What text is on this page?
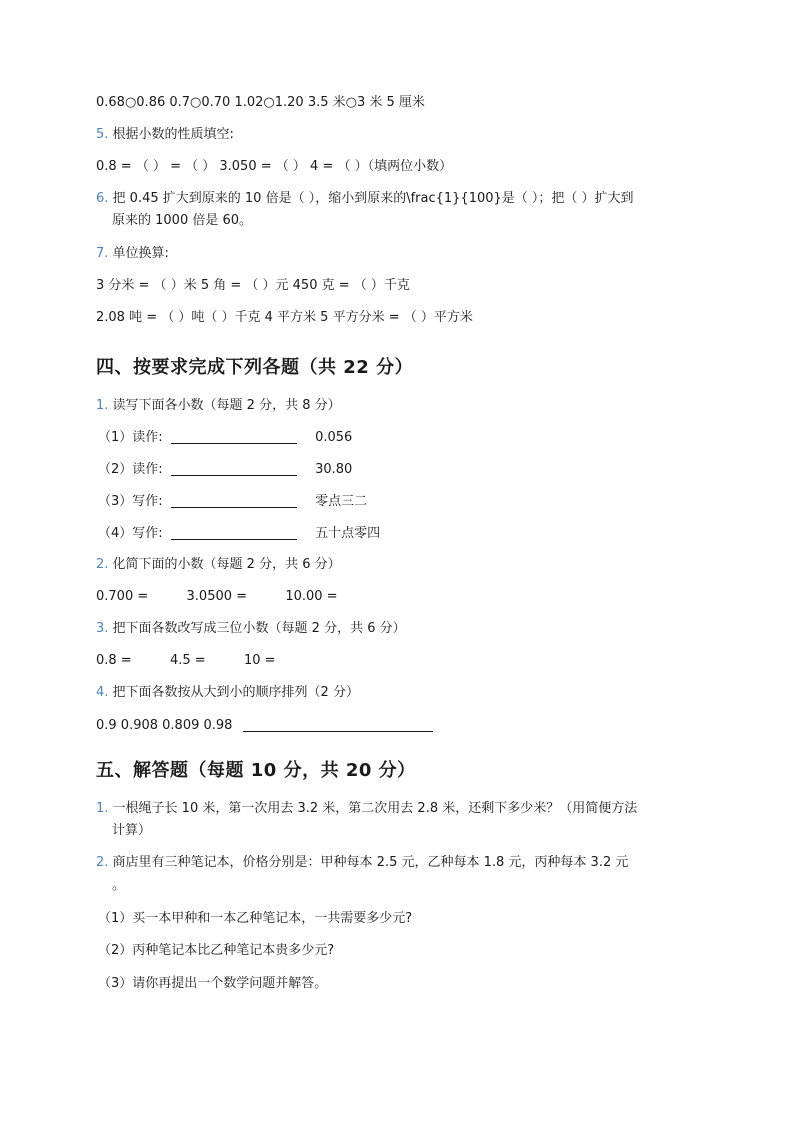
0.68○0.86 0.7○0.70 1.02○1.20 3.5 米○3 米 5 厘米
5. 根据小数的性质填空:
0.8 = （ ） = （ ） 3.050 = （ ） 4 = （ ）（填两位小数）
6. 把 0.45 扩大到原来的 10 倍是（ ），缩小到原来的\frac{1}{100}是（ ）；把（ ）扩大到
原来的 1000 倍是 60。
7. 单位换算:
3 分米 = （ ）米 5 角 = （ ）元 450 克 = （ ）千克
2.08 吨 = （ ）吨（ ）千克 4 平方米 5 平方分米 = （ ）平方米
四、按要求完成下列各题（共 22 分）
1. 读写下面各小数（每题 2 分，共 8 分）
（1）读作:	0.056
（2）读作:	30.80
（3）写作:	零点三二
（4）写作:	五十点零四
2. 化简下面的小数（每题 2 分，共 6 分）
0.700 =	3.0500 =	10.00 =
3. 把下面各数改写成三位小数（每题 2 分，共 6 分）
0.8 =	4.5 =	10 =
4. 把下面各数按从大到小的顺序排列（2 分）
0.9 0.908 0.809 0.98
五、解答题（每题 10 分，共 20 分）
1. 一根绳子长 10 米，第一次用去 3.2 米，第二次用去 2.8 米，还剩下多少米？（用简便方法
计算）
2. 商店里有三种笔记本，价格分别是：甲种每本 2.5 元，乙种每本 1.8 元，丙种每本 3.2 元
。
（1）买一本甲种和一本乙种笔记本，一共需要多少元?
（2）丙种笔记本比乙种笔记本贵多少元?
（3）请你再提出一个数学问题并解答。
